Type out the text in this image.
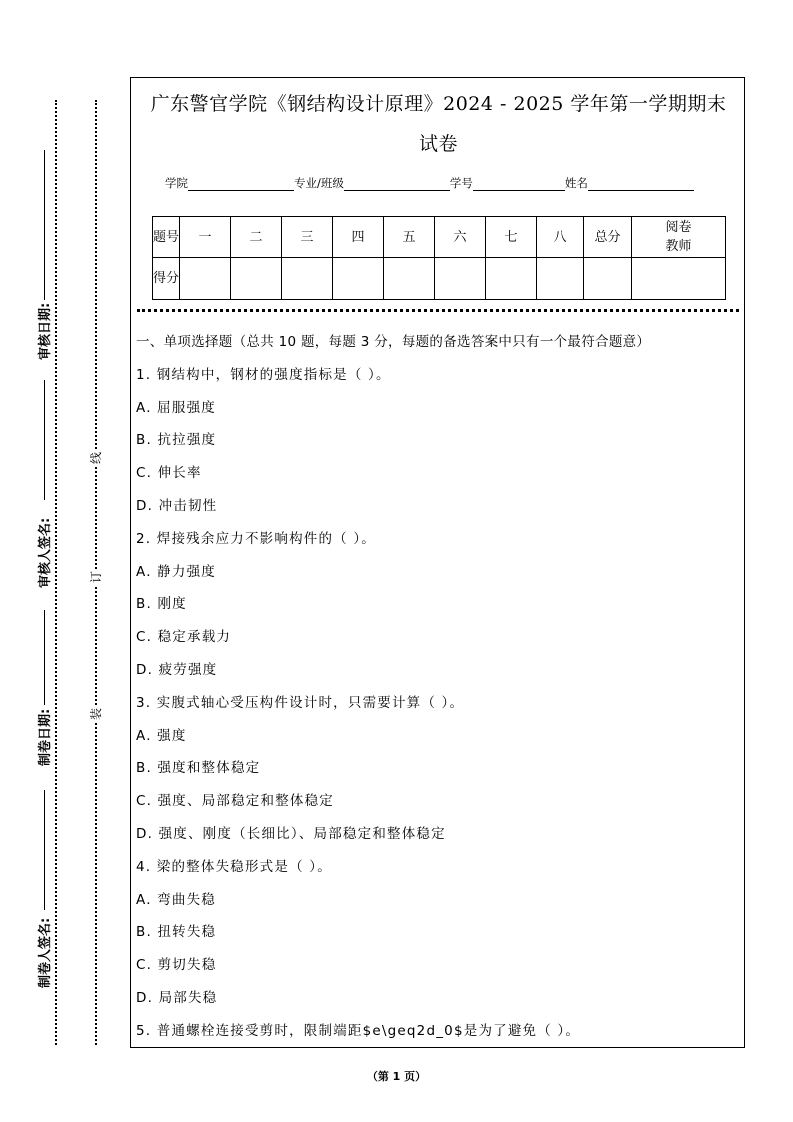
审核日期:
审核人签名:
制卷日期:
制卷人签名:
线
订
装
广东警官学院《钢结构设计原理》2024 - 2025 学年第一学期期末
试卷
学院	专业/班级	学号	姓名
题号	一	二	三	四	五	六	七	八	总分	阅卷教师
得分										
一、单项选择题（总共 10 题，每题 3 分，每题的备选答案中只有一个最符合题意）
1. 钢结构中，钢材的强度指标是（ ）。
A. 屈服强度
B. 抗拉强度
C. 伸长率
D. 冲击韧性
2. 焊接残余应力不影响构件的（ ）。
A. 静力强度
B. 刚度
C. 稳定承载力
D. 疲劳强度
3. 实腹式轴心受压构件设计时，只需要计算（ ）。
A. 强度
B. 强度和整体稳定
C. 强度、局部稳定和整体稳定
D. 强度、刚度（长细比）、局部稳定和整体稳定
4. 梁的整体失稳形式是（ ）。
A. 弯曲失稳
B. 扭转失稳
C. 剪切失稳
D. 局部失稳
5. 普通螺栓连接受剪时，限制端距$e\geq2d_0$是为了避免（ ）。
（第 1 页）
